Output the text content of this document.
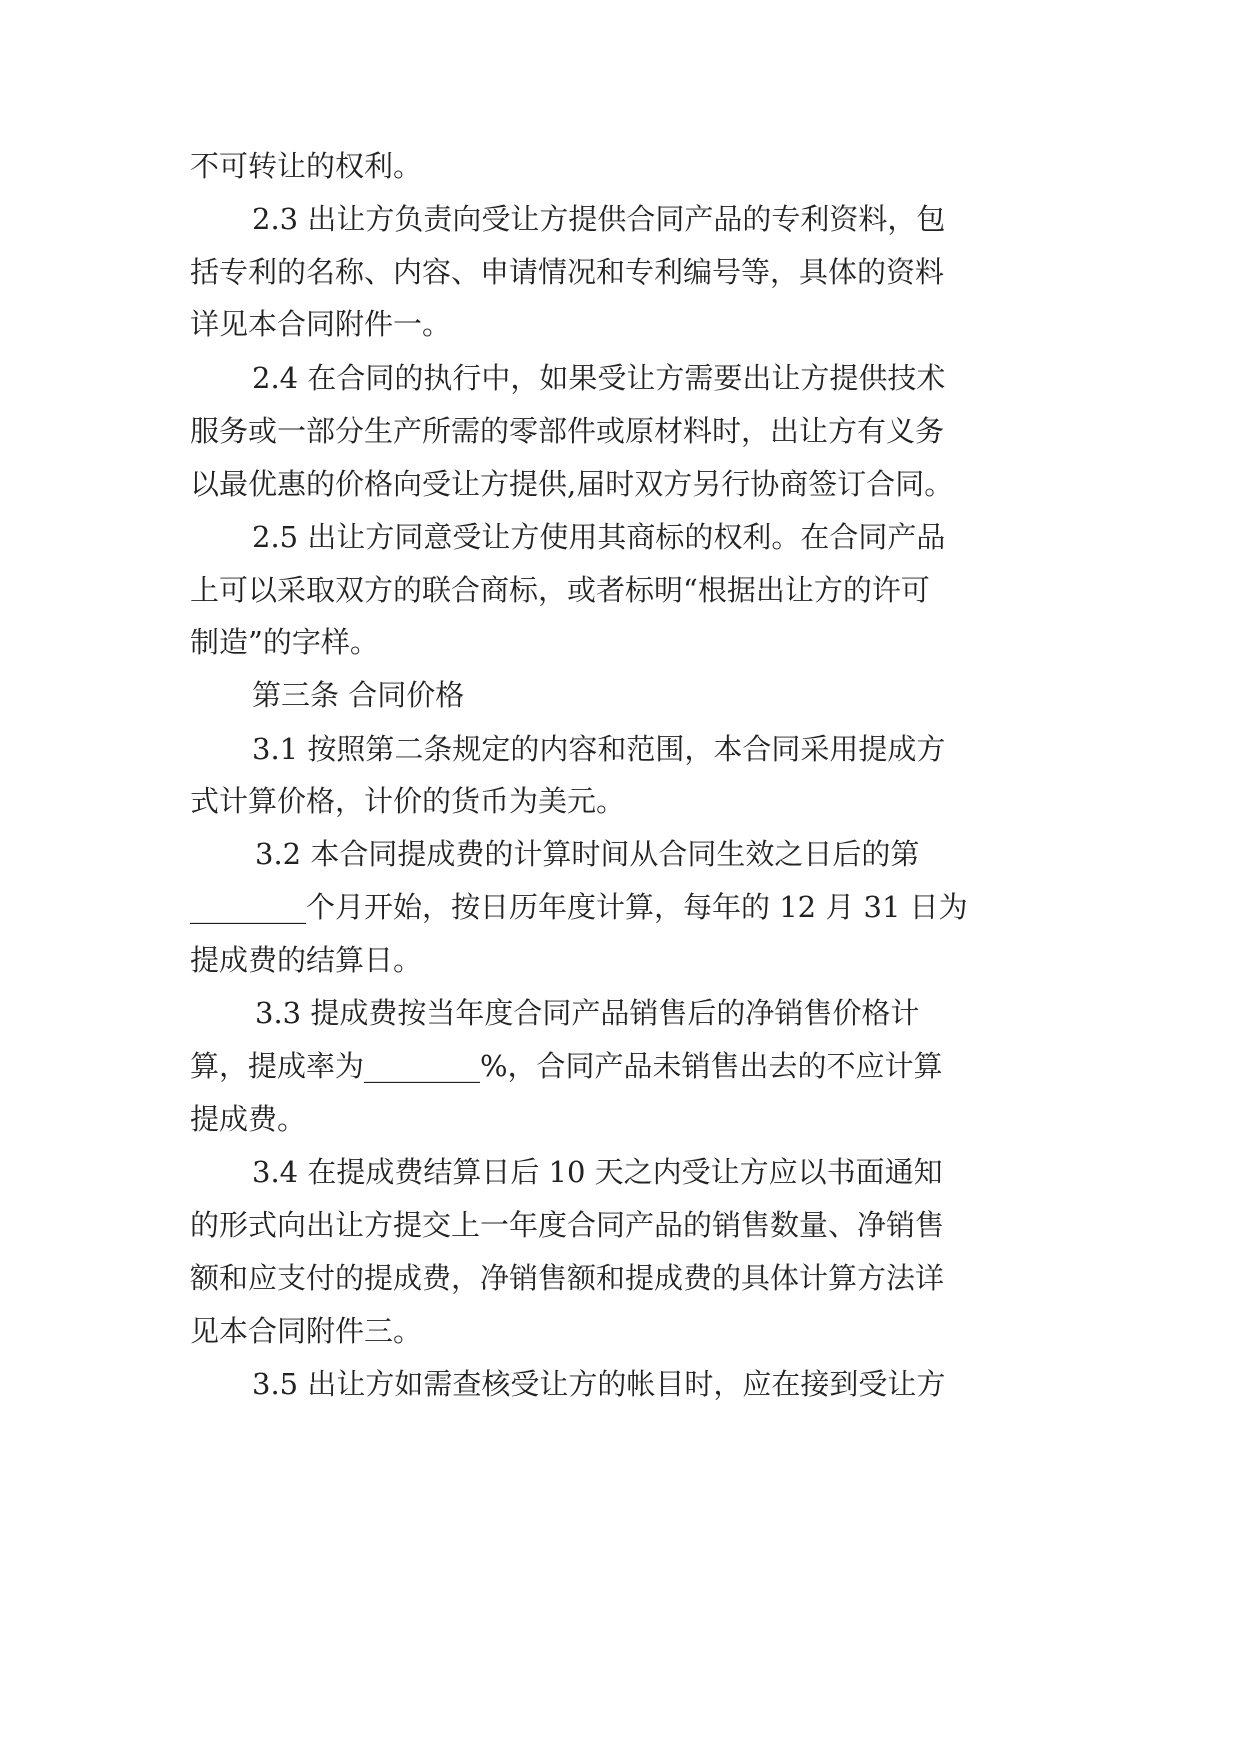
不可转让的权利。
2.3 出让方负责向受让方提供合同产品的专利资料，包
括专利的名称、内容、申请情况和专利编号等，具体的资料
详见本合同附件一。
2.4 在合同的执行中，如果受让方需要出让方提供技术
服务或一部分生产所需的零部件或原材料时，出让方有义务
以最优惠的价格向受让方提供,届时双方另行协商签订合同。
2.5 出让方同意受让方使用其商标的权利。在合同产品
上可以采取双方的联合商标，或者标明“根据出让方的许可
制造”的字样。
第三条 合同价格
3.1 按照第二条规定的内容和范围，本合同采用提成方
式计算价格，计价的货币为美元。
3.2 本合同提成费的计算时间从合同生效之日后的第
________个月开始，按日历年度计算，每年的 12 月 31 日为
提成费的结算日。
3.3 提成费按当年度合同产品销售后的净销售价格计
算，提成率为________%，合同产品未销售出去的不应计算
提成费。
3.4 在提成费结算日后 10 天之内受让方应以书面通知
的形式向出让方提交上一年度合同产品的销售数量、净销售
额和应支付的提成费，净销售额和提成费的具体计算方法详
见本合同附件三。
3.5 出让方如需查核受让方的帐目时，应在接到受让方
